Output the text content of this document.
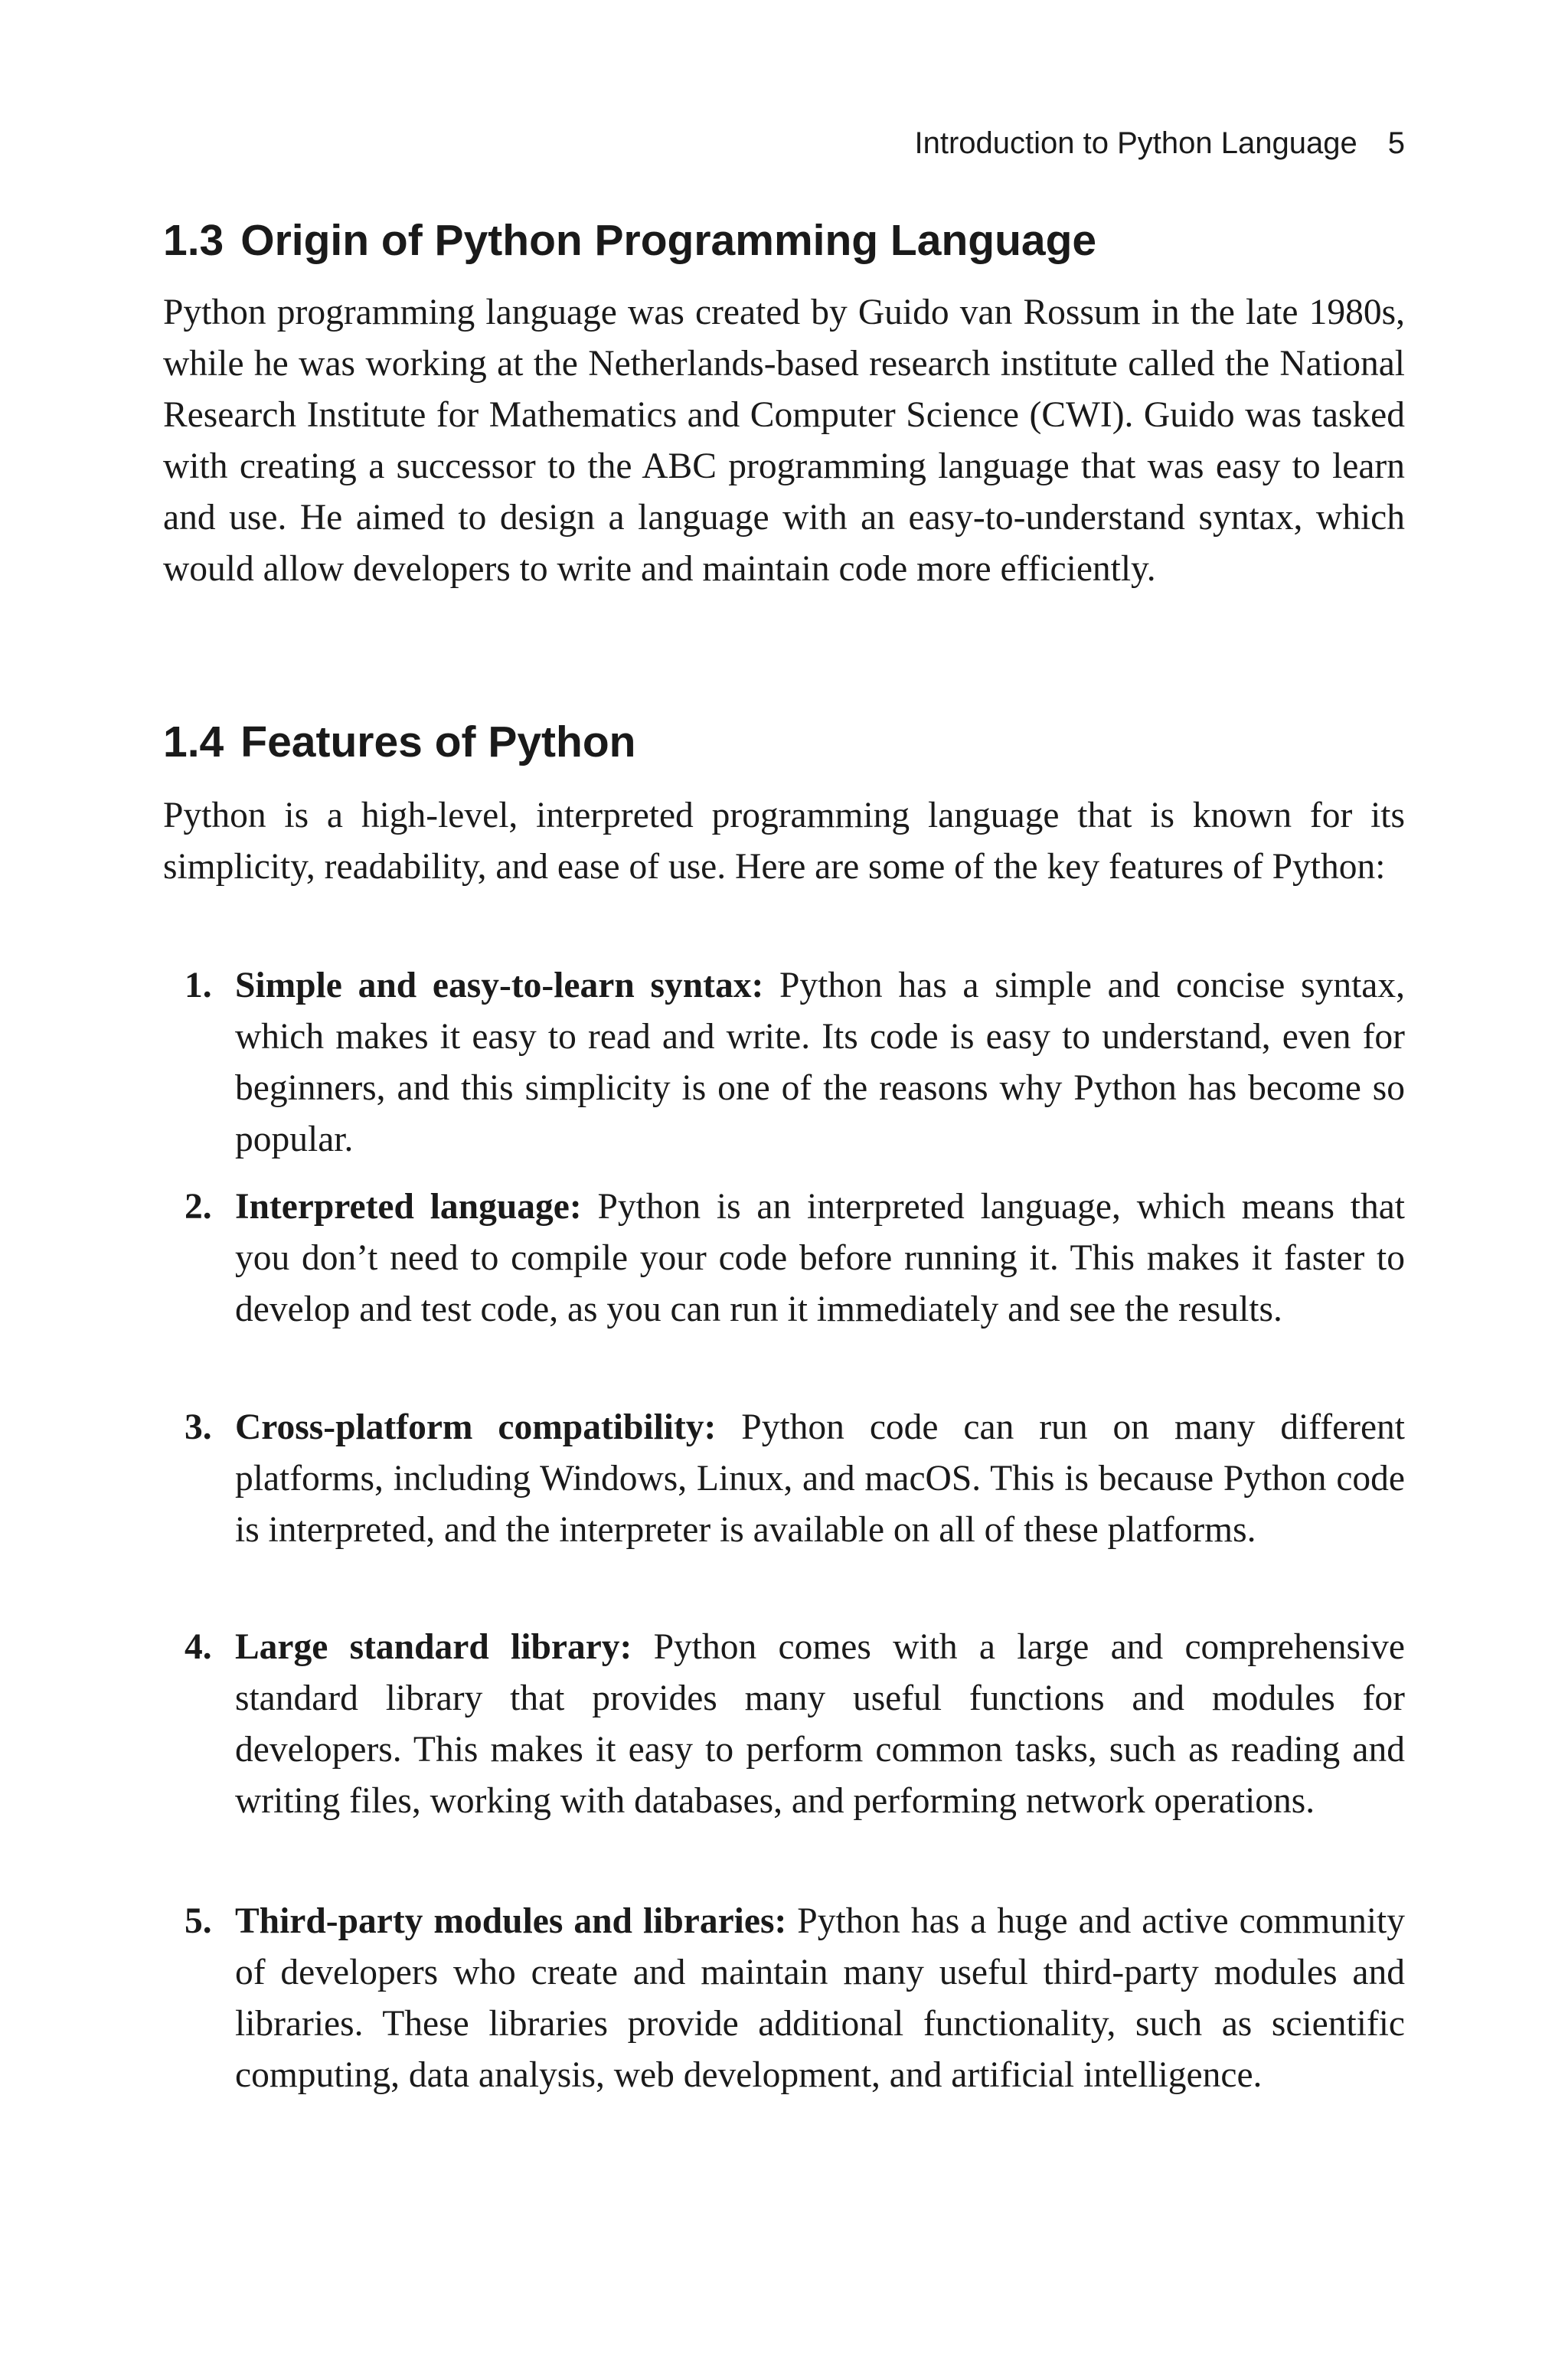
Introduction to Python Language 5
1.3 Origin of Python Programming Language

Python programming language was created by Guido van Rossum in the late 1980s, while he was working at the Netherlands-based research institute called the National Research Institute for Mathematics and Computer Science (CWI). Guido was tasked with creating a successor to the ABC programming language that was easy to learn and use. He aimed to design a language with an easy-to-understand syntax, which would allow developers to write and maintain code more efficiently.

1.4 Features of Python

Python is a high-level, interpreted programming language that is known for its simplicity, readability, and ease of use. Here are some of the key features of Python:

1. Simple and easy-to-learn syntax: Python has a simple and concise syntax, which makes it easy to read and write. Its code is easy to understand, even for beginners, and this simplicity is one of the reasons why Python has become so popular.
2. Interpreted language: Python is an interpreted language, which means that you don’t need to compile your code before running it. This makes it faster to develop and test code, as you can run it immediately and see the results.
3. Cross-platform compatibility: Python code can run on many different platforms, including Windows, Linux, and macOS. This is because Python code is interpreted, and the interpreter is available on all of these platforms.
4. Large standard library: Python comes with a large and comprehensive standard library that provides many useful functions and modules for developers. This makes it easy to perform common tasks, such as reading and writing files, working with databases, and performing network operations.
5. Third-party modules and libraries: Python has a huge and active community of developers who create and maintain many useful third-party modules and libraries. These libraries provide additional functionality, such as scientific computing, data analysis, web development, and artificial intelligence.
